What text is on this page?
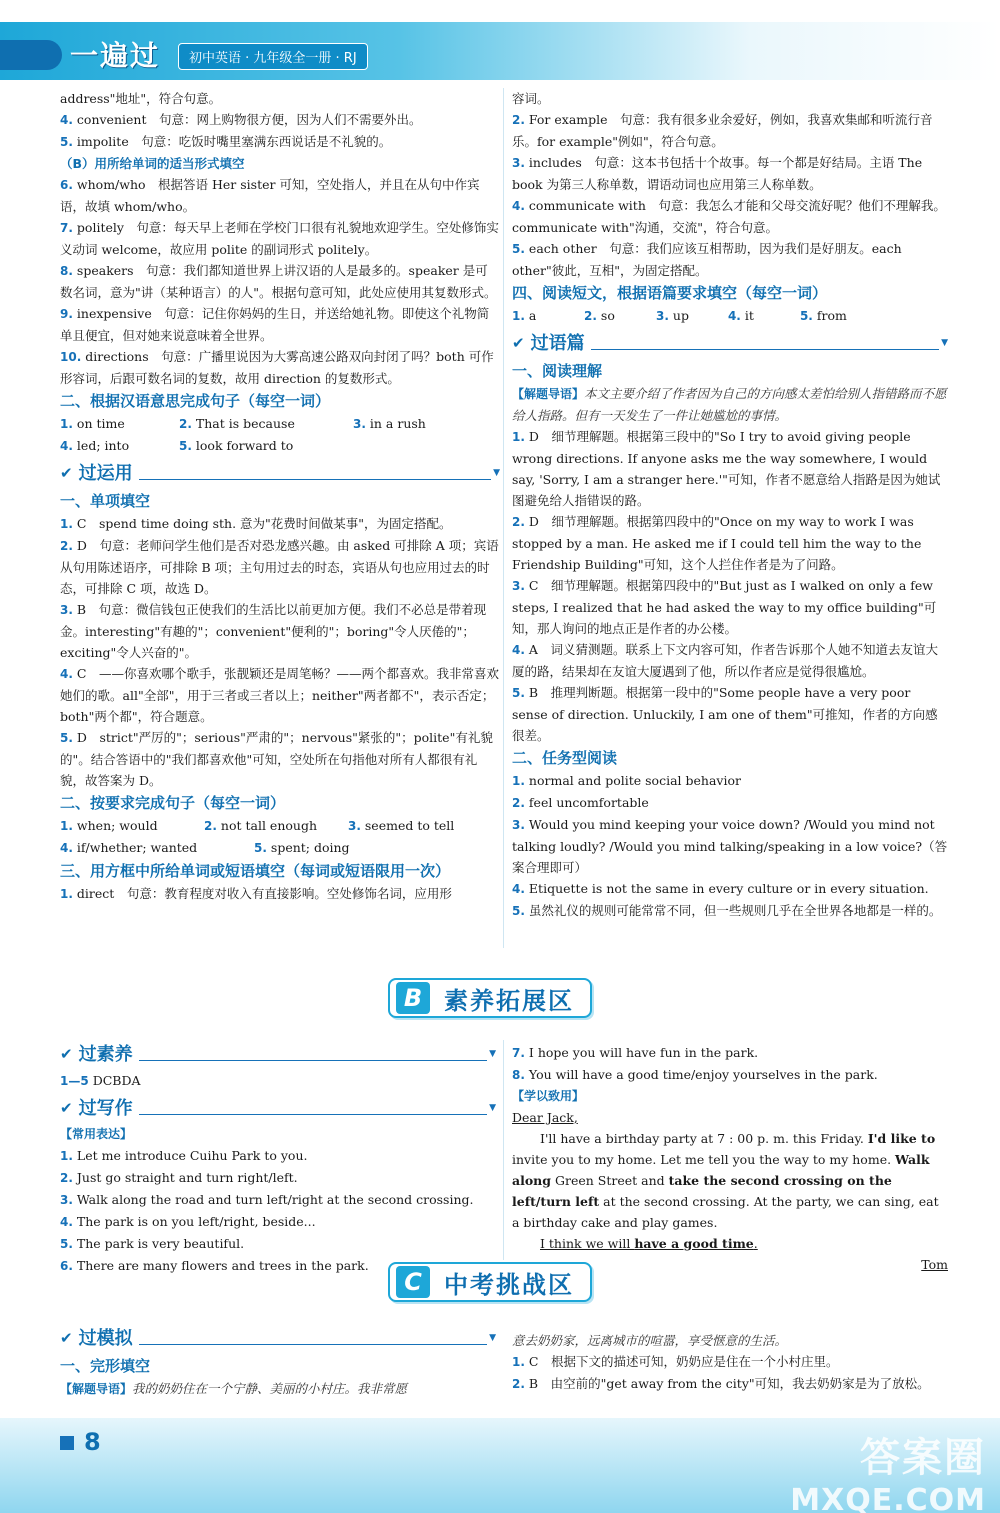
一遍过	初中英语 · 九年级全一册 · RJ

address"地址"，符合句意。

4. convenient　句意：网上购物很方便，因为人们不需要外出。

5. impolite　句意：吃饭时嘴里塞满东西说话是不礼貌的。

（B）用所给单词的适当形式填空

6. whom/who　根据答语 Her sister 可知，空处指人，并且在从句中作宾语，故填 whom/who。

7. politely　句意：每天早上老师在学校门口很有礼貌地欢迎学生。空处修饰实义动词 welcome，故应用 polite 的副词形式 politely。

8. speakers　句意：我们都知道世界上讲汉语的人是最多的。speaker 是可数名词，意为"讲（某种语言）的人"。根据句意可知，此处应使用其复数形式。

9. inexpensive　句意：记住你妈妈的生日，并送给她礼物。即使这个礼物简单且便宜，但对她来说意味着全世界。

10. directions　句意：广播里说因为大雾高速公路双向封闭了吗？both 可作形容词，后跟可数名词的复数，故用 direction 的复数形式。

二、根据汉语意思完成句子（每空一词）

1. on time	2. That is because	3. in a rush

4. led; into	5. look forward to

✔ 过运用	▼

一、单项填空

1. C　spend time doing sth. 意为"花费时间做某事"，为固定搭配。

2. D　句意：老师问学生他们是否对恐龙感兴趣。由 asked 可排除 A 项；宾语从句用陈述语序，可排除 B 项；主句用过去的时态，宾语从句也应用过去的时态，可排除 C 项，故选 D。

3. B　句意：微信钱包正使我们的生活比以前更加方便。我们不必总是带着现金。interesting"有趣的"；convenient"便利的"；boring"令人厌倦的"；exciting"令人兴奋的"。

4. C　——你喜欢哪个歌手，张靓颖还是周笔畅？——两个都喜欢。我非常喜欢她们的歌。all"全部"，用于三者或三者以上；neither"两者都不"，表示否定；both"两个都"，符合题意。

5. D　strict"严厉的"；serious"严肃的"；nervous"紧张的"；polite"有礼貌的"。结合答语中的"我们都喜欢他"可知，空处所在句指他对所有人都很有礼貌，故答案为 D。

二、按要求完成句子（每空一词）

1. when; would	2. not tall enough	3. seemed to tell

4. if/whether; wanted	5. spent; doing

三、用方框中所给单词或短语填空（每词或短语限用一次）

1. direct　句意：教育程度对收入有直接影响。空处修饰名词，应用形

容词。

2. For example　句意：我有很多业余爱好，例如，我喜欢集邮和听流行音乐。for example"例如"，符合句意。

3. includes　句意：这本书包括十个故事。每一个都是好结局。主语 The book 为第三人称单数，谓语动词也应用第三人称单数。

4. communicate with　句意：我怎么才能和父母交流好呢？他们不理解我。communicate with"沟通，交流"，符合句意。

5. each other　句意：我们应该互相帮助，因为我们是好朋友。each other"彼此，互相"，为固定搭配。

四、阅读短文，根据语篇要求填空（每空一词）

1. a	2. so	3. up	4. it	5. from

✔ 过语篇	▼

一、阅读理解

【解题导语】本文主要介绍了作者因为自己的方向感太差怕给别人指错路而不愿给人指路。但有一天发生了一件让她尴尬的事情。

1. D　细节理解题。根据第三段中的"So I try to avoid giving people wrong directions. If anyone asks me the way somewhere, I would say, 'Sorry, I am a stranger here.'"可知，作者不愿意给人指路是因为她试图避免给人指错误的路。

2. D　细节理解题。根据第四段中的"Once on my way to work I was stopped by a man. He asked me if I could tell him the way to the Friendship Building"可知，这个人拦住作者是为了问路。

3. C　细节理解题。根据第四段中的"But just as I walked on only a few steps, I realized that he had asked the way to my office building"可知，那人询问的地点正是作者的办公楼。

4. A　词义猜测题。联系上下文内容可知，作者告诉那个人她不知道去友谊大厦的路，结果却在友谊大厦遇到了他，所以作者应是觉得很尴尬。

5. B　推理判断题。根据第一段中的"Some people have a very poor sense of direction. Unluckily, I am one of them"可推知，作者的方向感很差。

二、任务型阅读

1. normal and polite social behavior

2. feel uncomfortable

3. Would you mind keeping your voice down? /Would you mind not talking loudly? /Would you mind talking/speaking in a low voice?（答案合理即可）

4. Etiquette is not the same in every culture or in every situation.

5. 虽然礼仪的规则可能常常不同，但一些规则几乎在全世界各地都是一样的。

B 素养拓展区
✔ 过素养	▼

1—5 DCBDA

✔ 过写作	▼

【常用表达】

1. Let me introduce Cuihu Park to you.

2. Just go straight and turn right/left.

3. Walk along the road and turn left/right at the second crossing.

4. The park is on you left/right, beside...

5. The park is very beautiful.

6. There are many flowers and trees in the park.

7. I hope you will have fun in the park.

8. You will have a good time/enjoy yourselves in the park.

【学以致用】

Dear Jack,

I'll have a birthday party at 7 : 00 p. m. this Friday. I'd like to invite you to my home. Let me tell you the way to my home. Walk along Green Street and take the second crossing on the left/turn left at the second crossing. At the party, we can sing, eat a birthday cake and play games.

I think we will have a good time.

Tom

C 中考挑战区
✔ 过模拟	▼

一、完形填空

【解题导语】我的奶奶住在一个宁静、美丽的小村庄。我非常愿

意去奶奶家，远离城市的喧嚣，享受惬意的生活。

1. C　根据下文的描述可知，奶奶应是住在一个小村庄里。

2. B　由空前的"get away from the city"可知，我去奶奶家是为了放松。

8	答案圈
MXQE.COM
